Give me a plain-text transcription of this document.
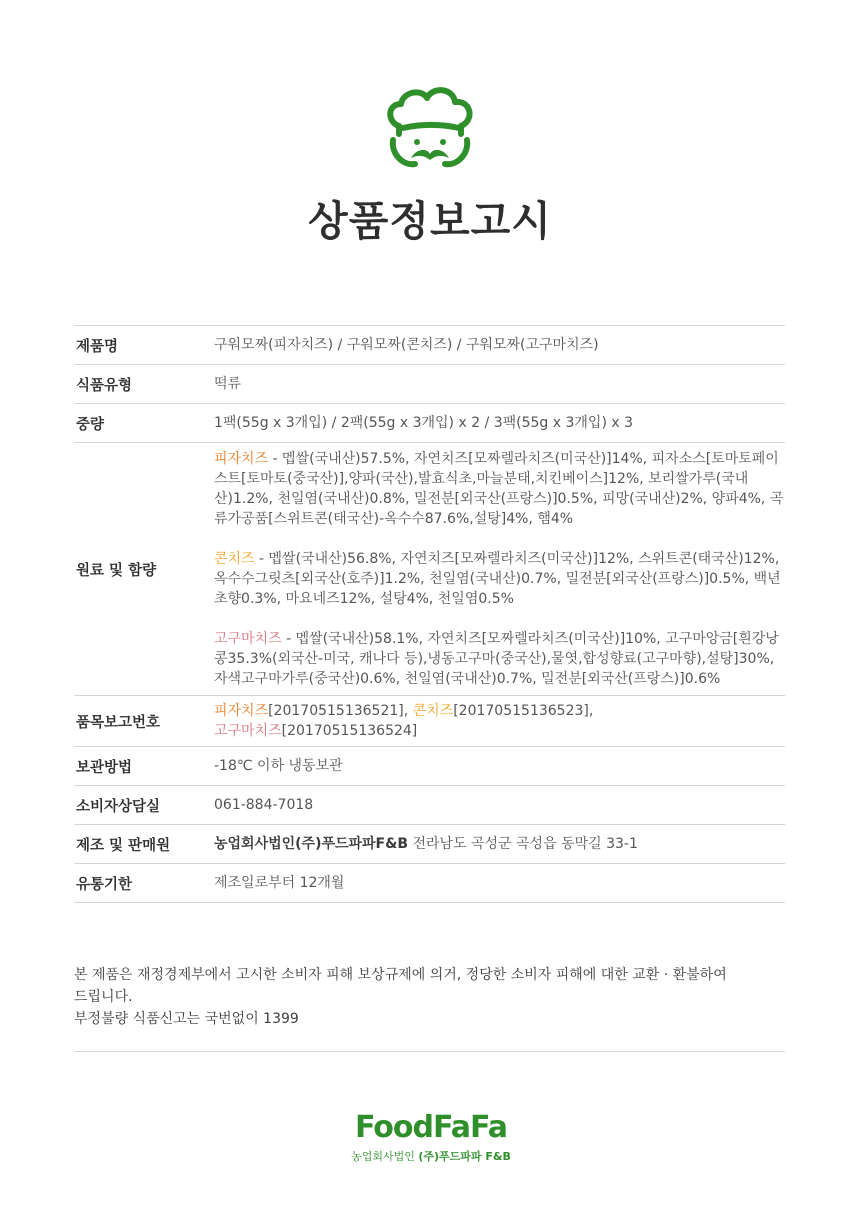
상품정보고시
제품명	구워모짜(피자치즈) / 구워모짜(콘치즈) / 구워모짜(고구마치즈)
식품유형	떡류
중량	1팩(55g x 3개입) / 2팩(55g x 3개입) x 2 / 3팩(55g x 3개입) x 3
원료 및 함량	피자치즈 - 멥쌀(국내산)57.5%, 자연치즈[모짜렐라치즈(미국산)]14%, 피자소스[토마토페이스트[토마토(중국산)],양파(국산),발효식초,마늘분태,치킨베이스]12%, 보리쌀가루(국내산)1.2%, 천일염(국내산)0.8%, 밀전분[외국산(프랑스)]0.5%, 피망(국내산)2%, 양파4%, 곡류가공품[스위트콘(태국산)-옥수수87.6%,설탕]4%, 햄4%

콘치즈 - 멥쌀(국내산)56.8%, 자연치즈[모짜렐라치즈(미국산)]12%, 스위트콘(태국산)12%, 옥수수그릿츠[외국산(호주)]1.2%, 천일염(국내산)0.7%, 밀전분[외국산(프랑스)]0.5%, 백년초향0.3%, 마요네즈12%, 설탕4%, 천일염0.5%

고구마치즈 - 멥쌀(국내산)58.1%, 자연치즈[모짜렐라치즈(미국산)]10%, 고구마앙금[흰강낭콩35.3%(외국산-미국, 캐나다 등),냉동고구마(중국산),물엿,합성향료(고구마향),설탕]30%, 자색고구마가루(중국산)0.6%, 천일염(국내산)0.7%, 밀전분[외국산(프랑스)]0.6%

품목보고번호	피자치즈[20170515136521], 콘치즈[20170515136523],
고구마치즈[20170515136524]
보관방법	-18℃ 이하 냉동보관
소비자상담실	061-884-7018
제조 및 판매원	농업회사법인(주)푸드파파F&B 전라남도 곡성군 곡성읍 동막길 33-1
유통기한	제조일로부터 12개월

본 제품은 재정경제부에서 고시한 소비자 피해 보상규제에 의거, 정당한 소비자 피해에 대한 교환 · 환불하여

드립니다.

부정불량 식품신고는 국번없이 1399

FoodFaFa
농업회사법인 (주)푸드파파 F&B
